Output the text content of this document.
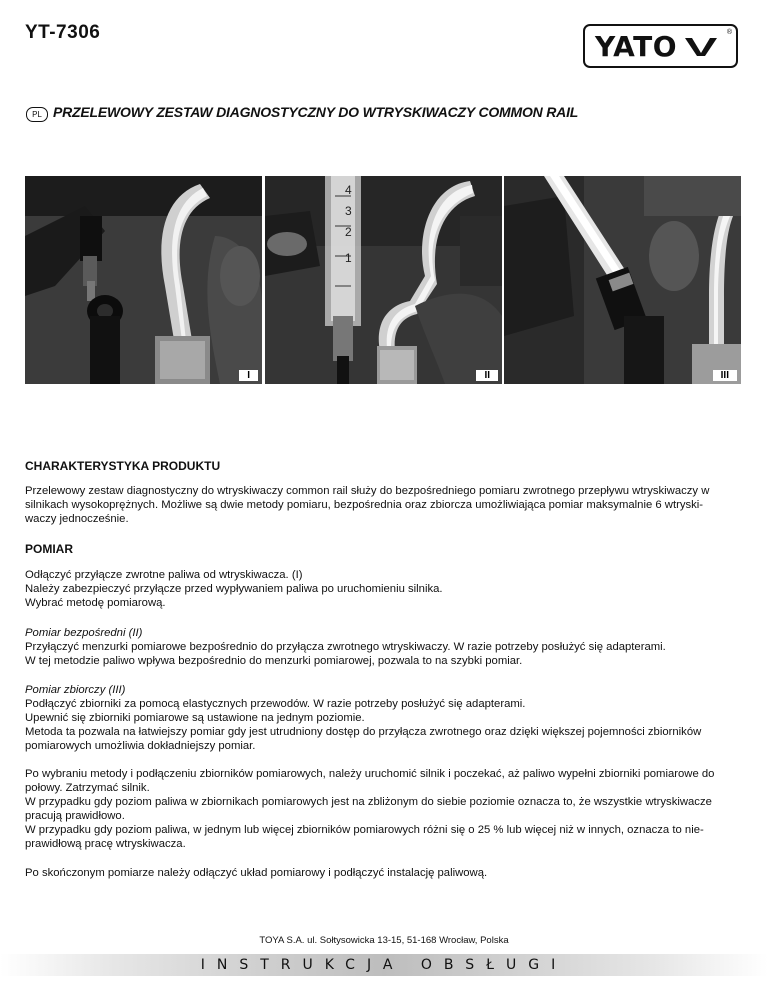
YT-7306	YATO	®
PL PRZELEWOWY ZESTAW DIAGNOSTYCZNY DO WTRYSKIWACZY COMMON RAIL
I
4
3
2
1
II	III
CHARAKTERYSTYKA PRODUKTU

Przelewowy zestaw diagnostyczny do wtryskiwaczy common rail służy do bezpośredniego pomiaru zwrotnego przepływu wtryskiwaczy w
silnikach wysokoprężnych. Możliwe są dwie metody pomiaru, bezpośrednia oraz zbiorcza umożliwiająca pomiar maksymalnie 6 wtryski-
waczy jednocześnie.

POMIAR

Odłączyć przyłącze zwrotne paliwa od wtryskiwacza. (I)
Należy zabezpieczyć przyłącze przed wypływaniem paliwa po uruchomieniu silnika.
Wybrać metodę pomiarową.

Pomiar bezpośredni (II)
Przyłączyć menzurki pomiarowe bezpośrednio do przyłącza zwrotnego wtryskiwaczy. W razie potrzeby posłużyć się adapterami.
W tej metodzie paliwo wpływa bezpośrednio do menzurki pomiarowej, pozwala to na szybki pomiar.

Pomiar zbiorczy (III)
Podłączyć zbiorniki za pomocą elastycznych przewodów. W razie potrzeby posłużyć się adapterami.
Upewnić się zbiorniki pomiarowe są ustawione na jednym poziomie.
Metoda ta pozwala na łatwiejszy pomiar gdy jest utrudniony dostęp do przyłącza zwrotnego oraz dzięki większej pojemności zbiorników
pomiarowych umożliwia dokładniejszy pomiar.

Po wybraniu metody i podłączeniu zbiorników pomiarowych, należy uruchomić silnik i poczekać, aż paliwo wypełni zbiorniki pomiarowe do
połowy. Zatrzymać silnik.
W przypadku gdy poziom paliwa w zbiornikach pomiarowych jest na zbliżonym do siebie poziomie oznacza to, że wszystkie wtryskiwacze
pracują prawidłowo.
W przypadku gdy poziom paliwa, w jednym lub więcej zbiorników pomiarowych różni się o 25 % lub więcej niż w innych, oznacza to nie-
prawidłową pracę wtryskiwacza.

Po skończonym pomiarze należy odłączyć układ pomiarowy i podłączyć instalację paliwową.

TOYA S.A. ul. Sołtysowicka 13-15, 51-168 Wrocław, Polska
INSTRUKCJA OBSŁUGI
